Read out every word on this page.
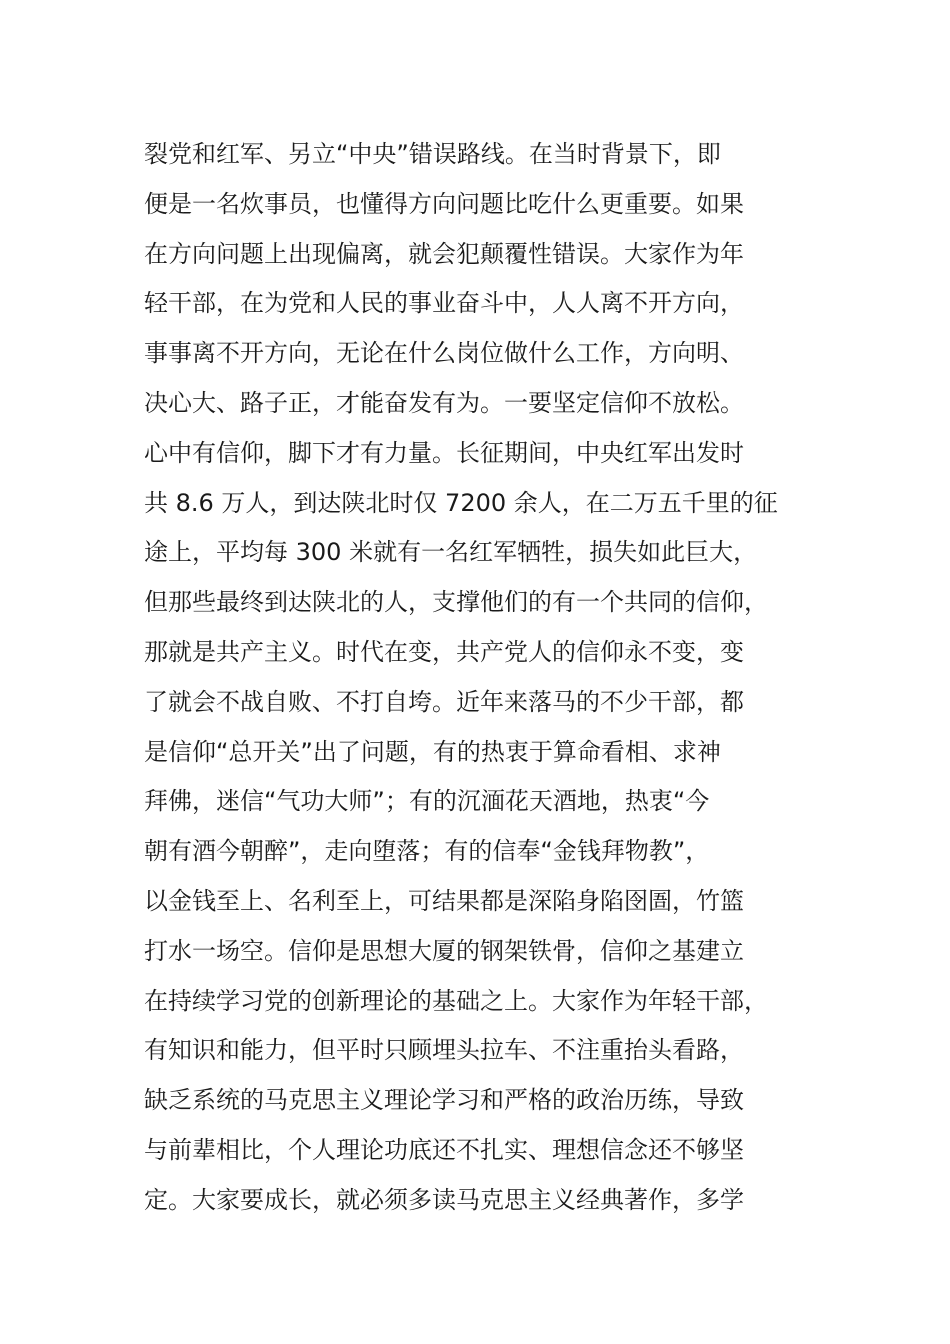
裂党和红军、另立“中央”错误路线。在当时背景下，即
便是一名炊事员，也懂得方向问题比吃什么更重要。如果
在方向问题上出现偏离，就会犯颠覆性错误。大家作为年
轻干部，在为党和人民的事业奋斗中，人人离不开方向，
事事离不开方向，无论在什么岗位做什么工作，方向明、
决心大、路子正，才能奋发有为。一要坚定信仰不放松。
心中有信仰，脚下才有力量。长征期间，中央红军出发时
共 8.6 万人，到达陕北时仅 7200 余人，在二万五千里的征
途上，平均每 300 米就有一名红军牺牲，损失如此巨大，
但那些最终到达陕北的人，支撑他们的有一个共同的信仰，
那就是共产主义。时代在变，共产党人的信仰永不变，变
了就会不战自败、不打自垮。近年来落马的不少干部，都
是信仰“总开关”出了问题，有的热衷于算命看相、求神
拜佛，迷信“气功大师”；有的沉湎花天酒地，热衷“今
朝有酒今朝醉”，走向堕落；有的信奉“金钱拜物教”，
以金钱至上、名利至上，可结果都是深陷身陷囹圄，竹篮
打水一场空。信仰是思想大厦的钢架铁骨，信仰之基建立
在持续学习党的创新理论的基础之上。大家作为年轻干部，
有知识和能力，但平时只顾埋头拉车、不注重抬头看路，
缺乏系统的马克思主义理论学习和严格的政治历练，导致
与前辈相比，个人理论功底还不扎实、理想信念还不够坚
定。大家要成长，就必须多读马克思主义经典著作，多学
